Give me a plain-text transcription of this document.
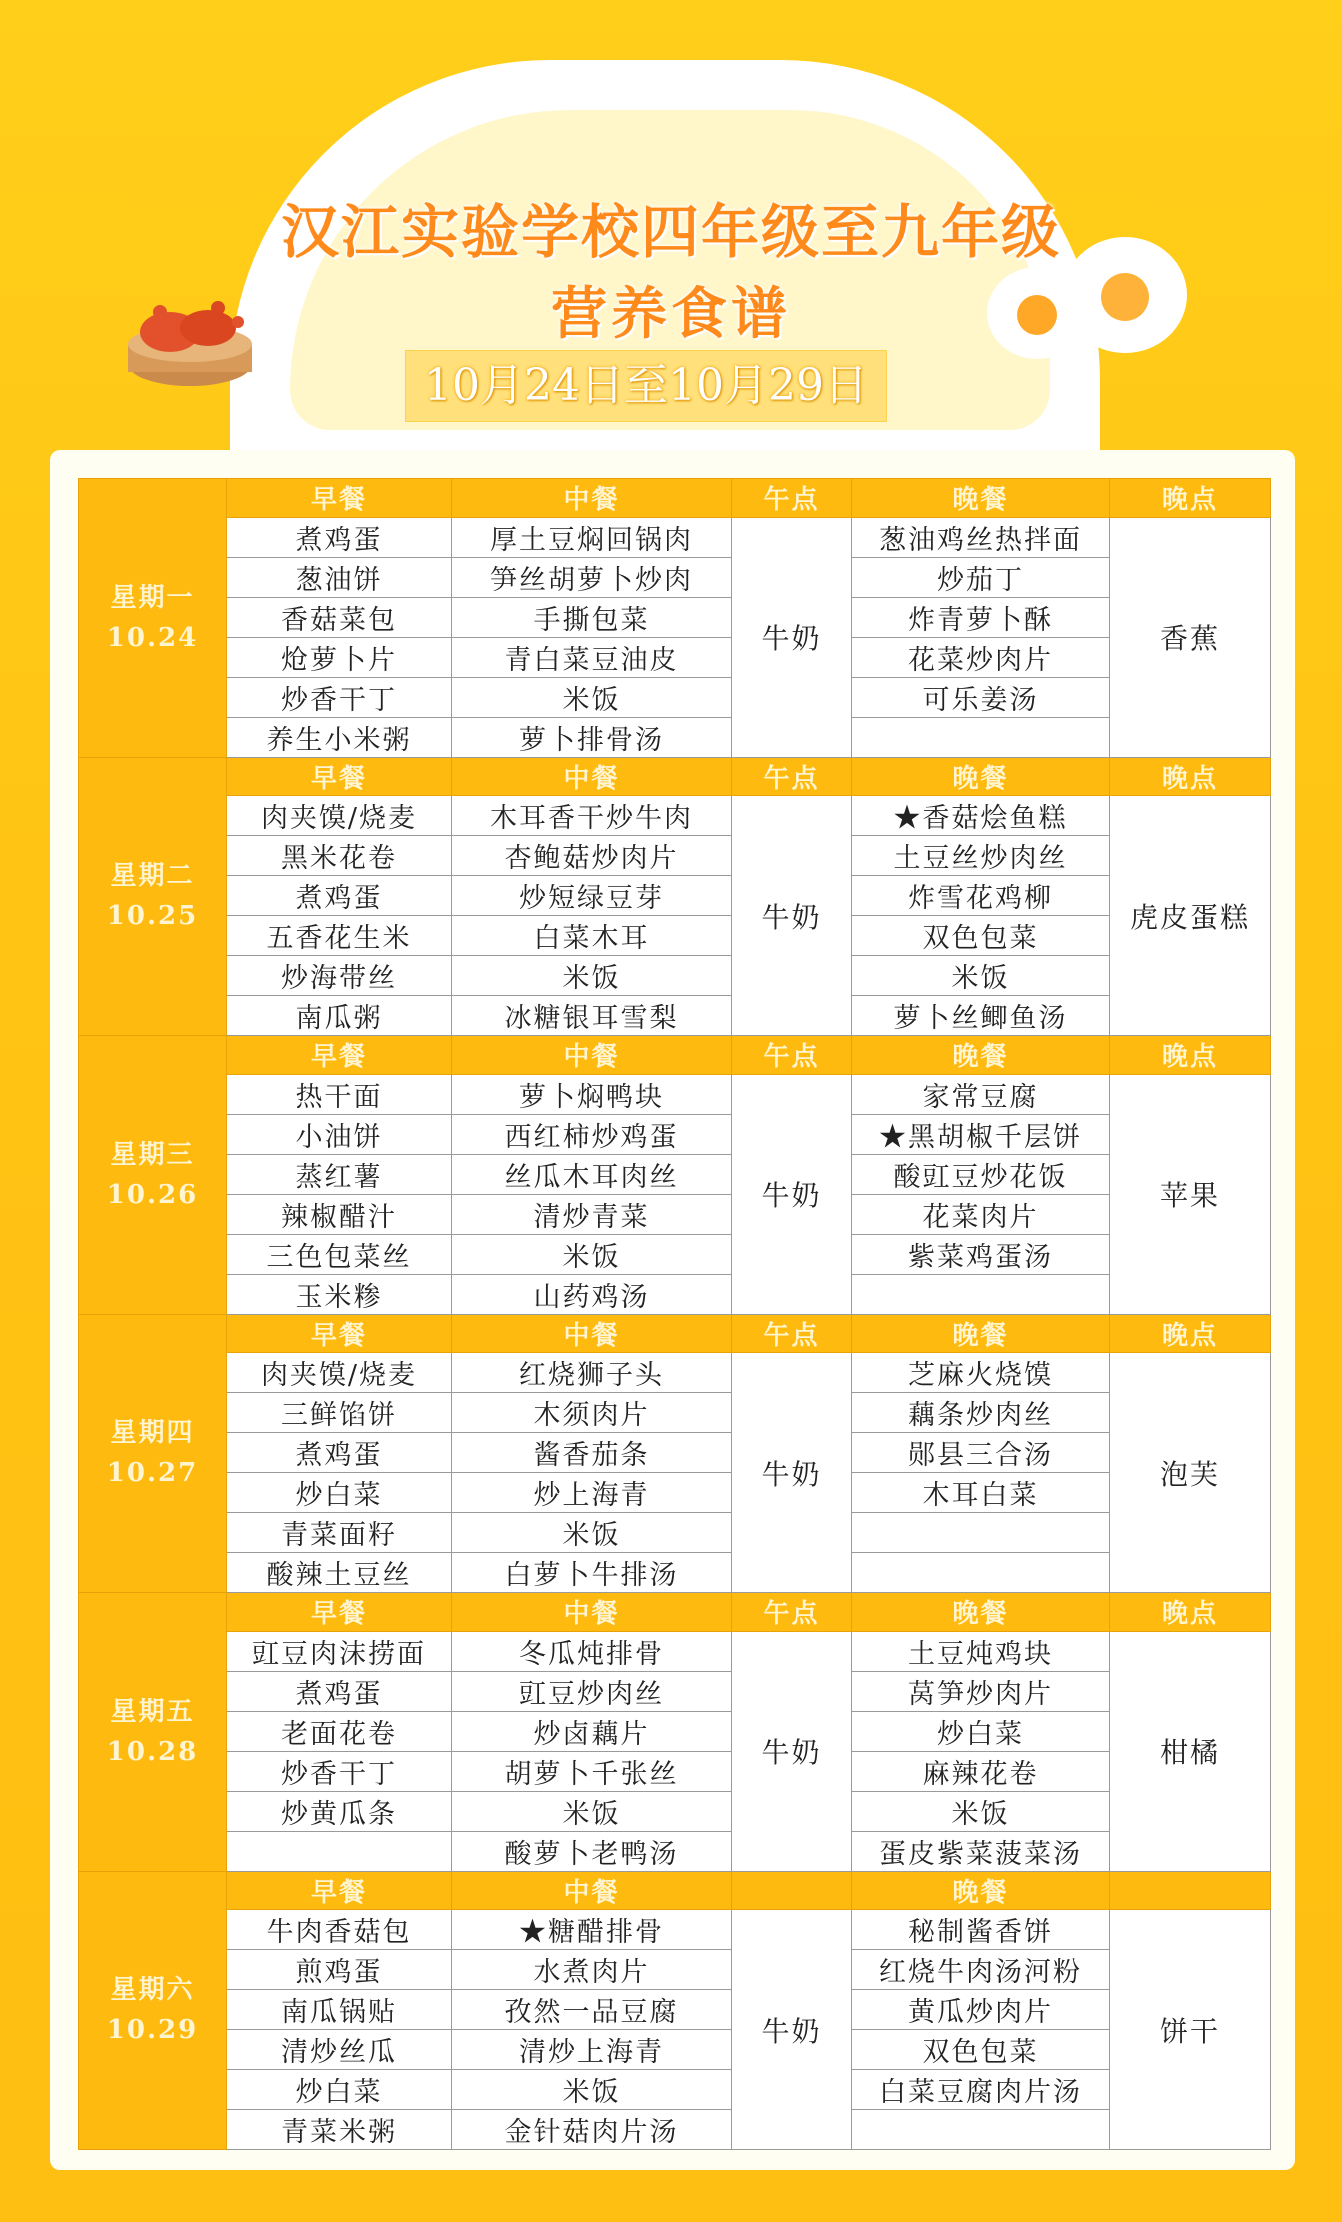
汉江实验学校四年级至九年级
营养食谱
10月24日至10月29日
星期一
10.24	早餐	中餐	午点	晚餐	晚点
	煮鸡蛋	厚土豆焖回锅肉	牛奶	葱油鸡丝热拌面	香蕉
	葱油饼	笋丝胡萝卜炒肉		炒茄丁	
	香菇菜包	手撕包菜		炸青萝卜酥	
	炝萝卜片	青白菜豆油皮		花菜炒肉片	
	炒香干丁	米饭		可乐姜汤	
	养生小米粥	萝卜排骨汤			

星期二
10.25	早餐	中餐	午点	晚餐	晚点
	肉夹馍/烧麦	木耳香干炒牛肉	牛奶	★香菇烩鱼糕	虎皮蛋糕
	黑米花卷	杏鲍菇炒肉片		土豆丝炒肉丝	
	煮鸡蛋	炒短绿豆芽		炸雪花鸡柳	
	五香花生米	白菜木耳		双色包菜	
	炒海带丝	米饭		米饭	
	南瓜粥	冰糖银耳雪梨		萝卜丝鲫鱼汤	

星期三
10.26	早餐	中餐	午点	晚餐	晚点
	热干面	萝卜焖鸭块	牛奶	家常豆腐	苹果
	小油饼	西红柿炒鸡蛋		★黑胡椒千层饼	
	蒸红薯	丝瓜木耳肉丝		酸豇豆炒花饭	
	辣椒醋汁	清炒青菜		花菜肉片	
	三色包菜丝	米饭		紫菜鸡蛋汤	
	玉米糁	山药鸡汤			

星期四
10.27	早餐	中餐	午点	晚餐	晚点
	肉夹馍/烧麦	红烧狮子头	牛奶	芝麻火烧馍	泡芙
	三鲜馅饼	木须肉片		藕条炒肉丝	
	煮鸡蛋	酱香茄条		郧县三合汤	
	炒白菜	炒上海青		木耳白菜	
	青菜面籽	米饭			
	酸辣土豆丝	白萝卜牛排汤			

星期五
10.28	早餐	中餐	午点	晚餐	晚点
	豇豆肉沫捞面	冬瓜炖排骨	牛奶	土豆炖鸡块	柑橘
	煮鸡蛋	豇豆炒肉丝		莴笋炒肉片	
	老面花卷	炒卤藕片		炒白菜	
	炒香干丁	胡萝卜千张丝		麻辣花卷	
	炒黄瓜条	米饭		米饭	
		酸萝卜老鸭汤		蛋皮紫菜菠菜汤	

星期六
10.29	早餐	中餐		晚餐	
	牛肉香菇包	★糖醋排骨	牛奶	秘制酱香饼	饼干
	煎鸡蛋	水煮肉片		红烧牛肉汤河粉	
	南瓜锅贴	孜然一品豆腐		黄瓜炒肉片	
	清炒丝瓜	清炒上海青		双色包菜	
	炒白菜	米饭		白菜豆腐肉片汤	
	青菜米粥	金针菇肉片汤			
